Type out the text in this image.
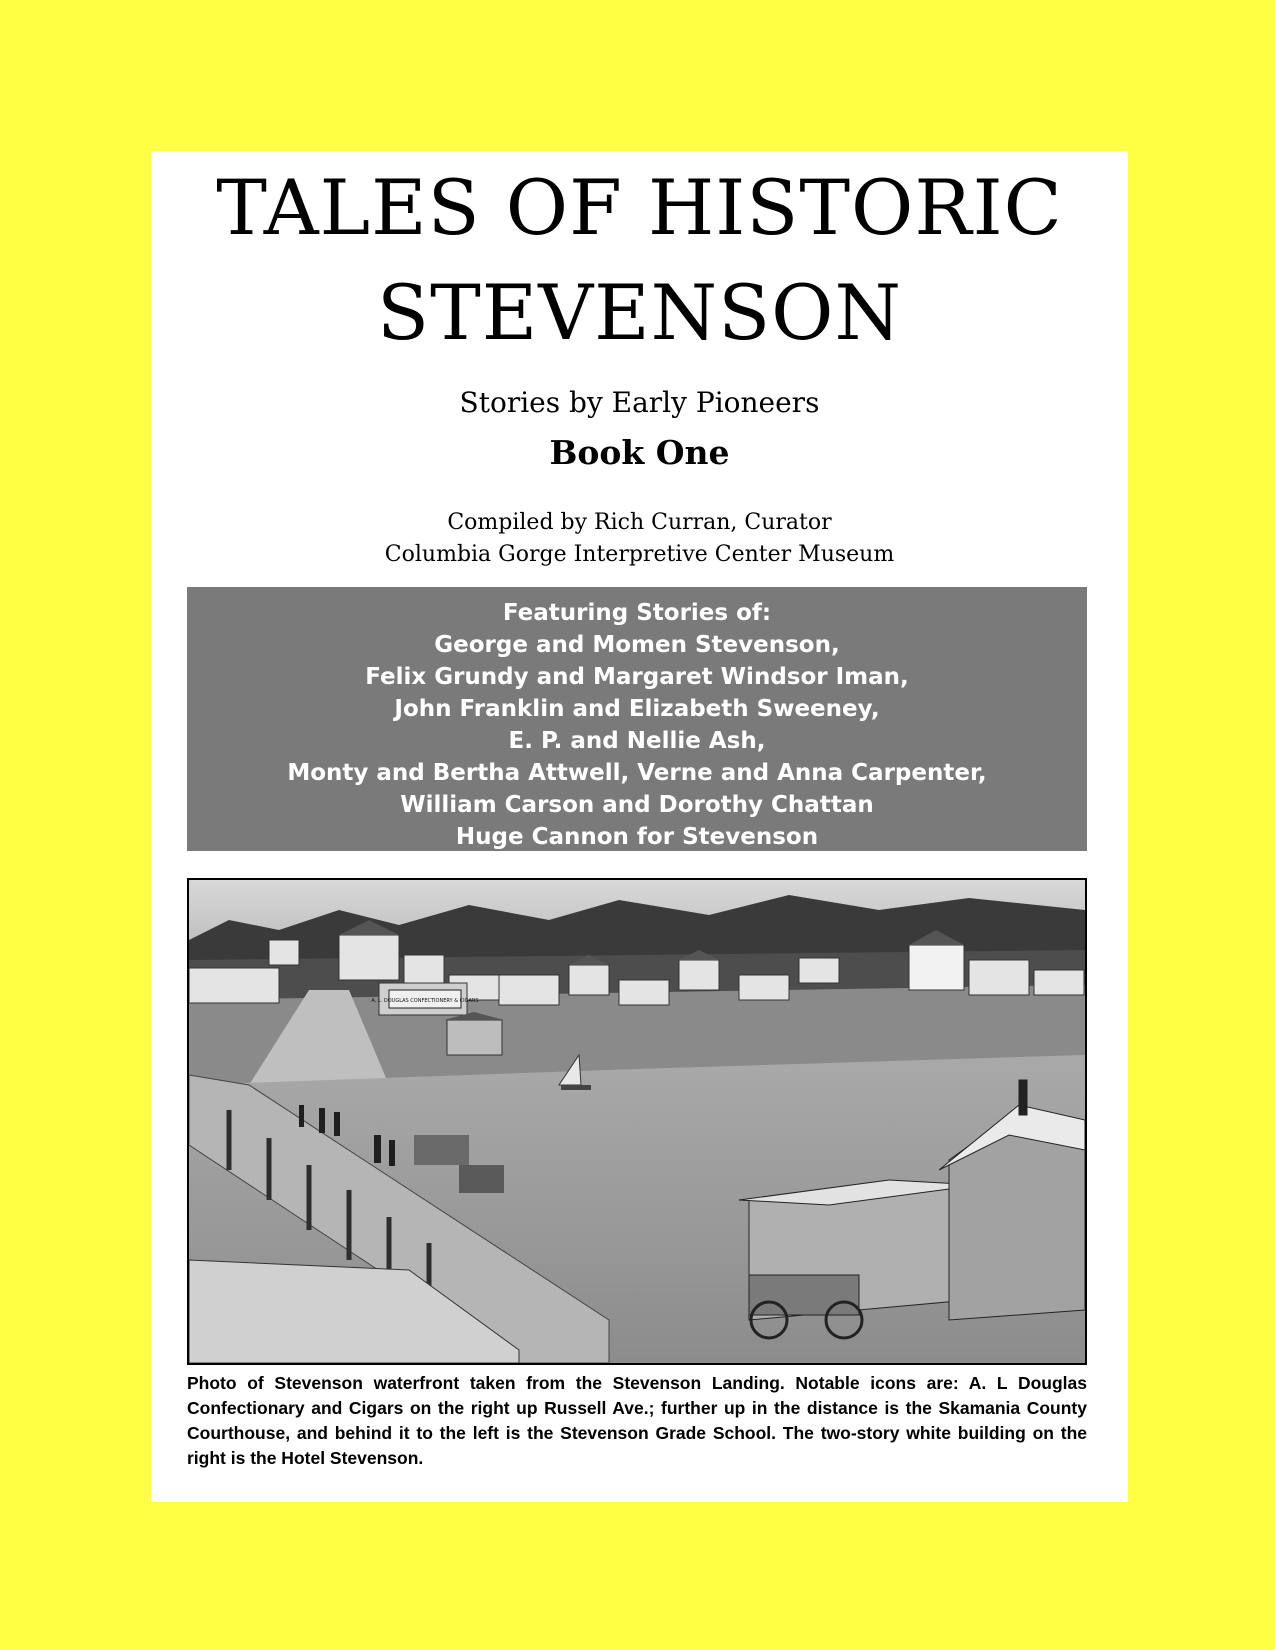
TALES OF HISTORIC
STEVENSON
Stories by Early Pioneers
Book One
Compiled by Rich Curran, Curator
Columbia Gorge Interpretive Center Museum
Featuring Stories of:
George and Momen Stevenson,
Felix Grundy and Margaret Windsor Iman,
John Franklin and Elizabeth Sweeney,
E. P. and Nellie Ash,
Monty and Bertha Attwell, Verne and Anna Carpenter,
William Carson and Dorothy Chattan
Huge Cannon for Stevenson
A. L. DOUGLAS CONFECTIONERY & CIGARS
Photo of Stevenson waterfront taken from the Stevenson Landing. Notable icons are: A. L Douglas Confectionary and Cigars on the right up Russell Ave.; further up in the distance is the Skamania County Courthouse, and behind it to the left is the Stevenson Grade School. The two-story white building on the right is the Hotel Stevenson.
